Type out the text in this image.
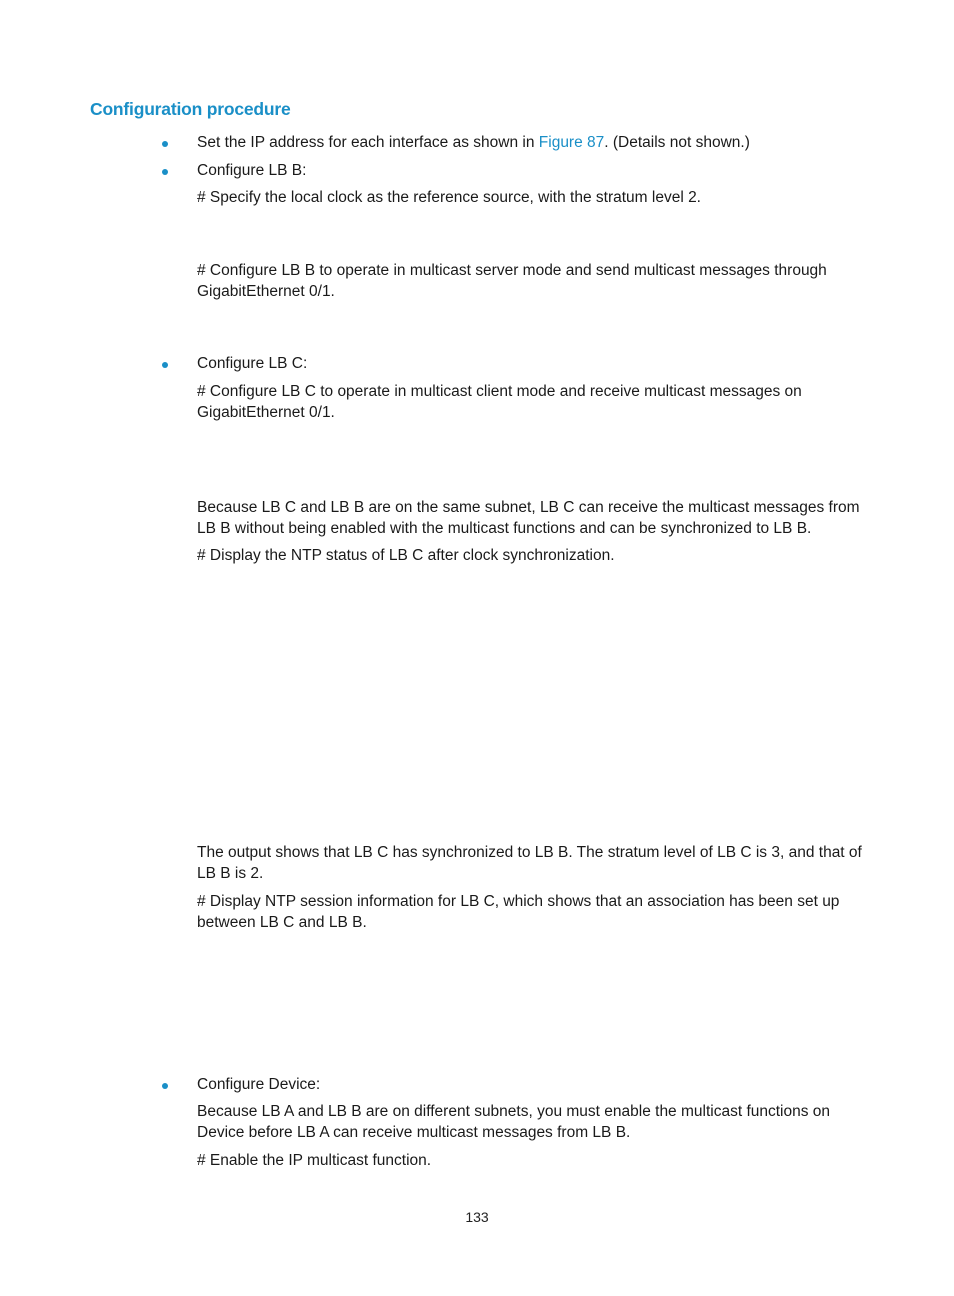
Configuration procedure

Set the IP address for each interface as shown in Figure 87. (Details not shown.)

Configure LB B:

# Specify the local clock as the reference source, with the stratum level 2.

# Configure LB B to operate in multicast server mode and send multicast messages through GigabitEthernet 0/1.

Configure LB C:

# Configure LB C to operate in multicast client mode and receive multicast messages on GigabitEthernet 0/1.

Because LB C and LB B are on the same subnet, LB C can receive the multicast messages from LB B without being enabled with the multicast functions and can be synchronized to LB B.

# Display the NTP status of LB C after clock synchronization.

The output shows that LB C has synchronized to LB B. The stratum level of LB C is 3, and that of LB B is 2.

# Display NTP session information for LB C, which shows that an association has been set up between LB C and LB B.

Configure Device:

Because LB A and LB B are on different subnets, you must enable the multicast functions on Device before LB A can receive multicast messages from LB B.

# Enable the IP multicast function.

133
